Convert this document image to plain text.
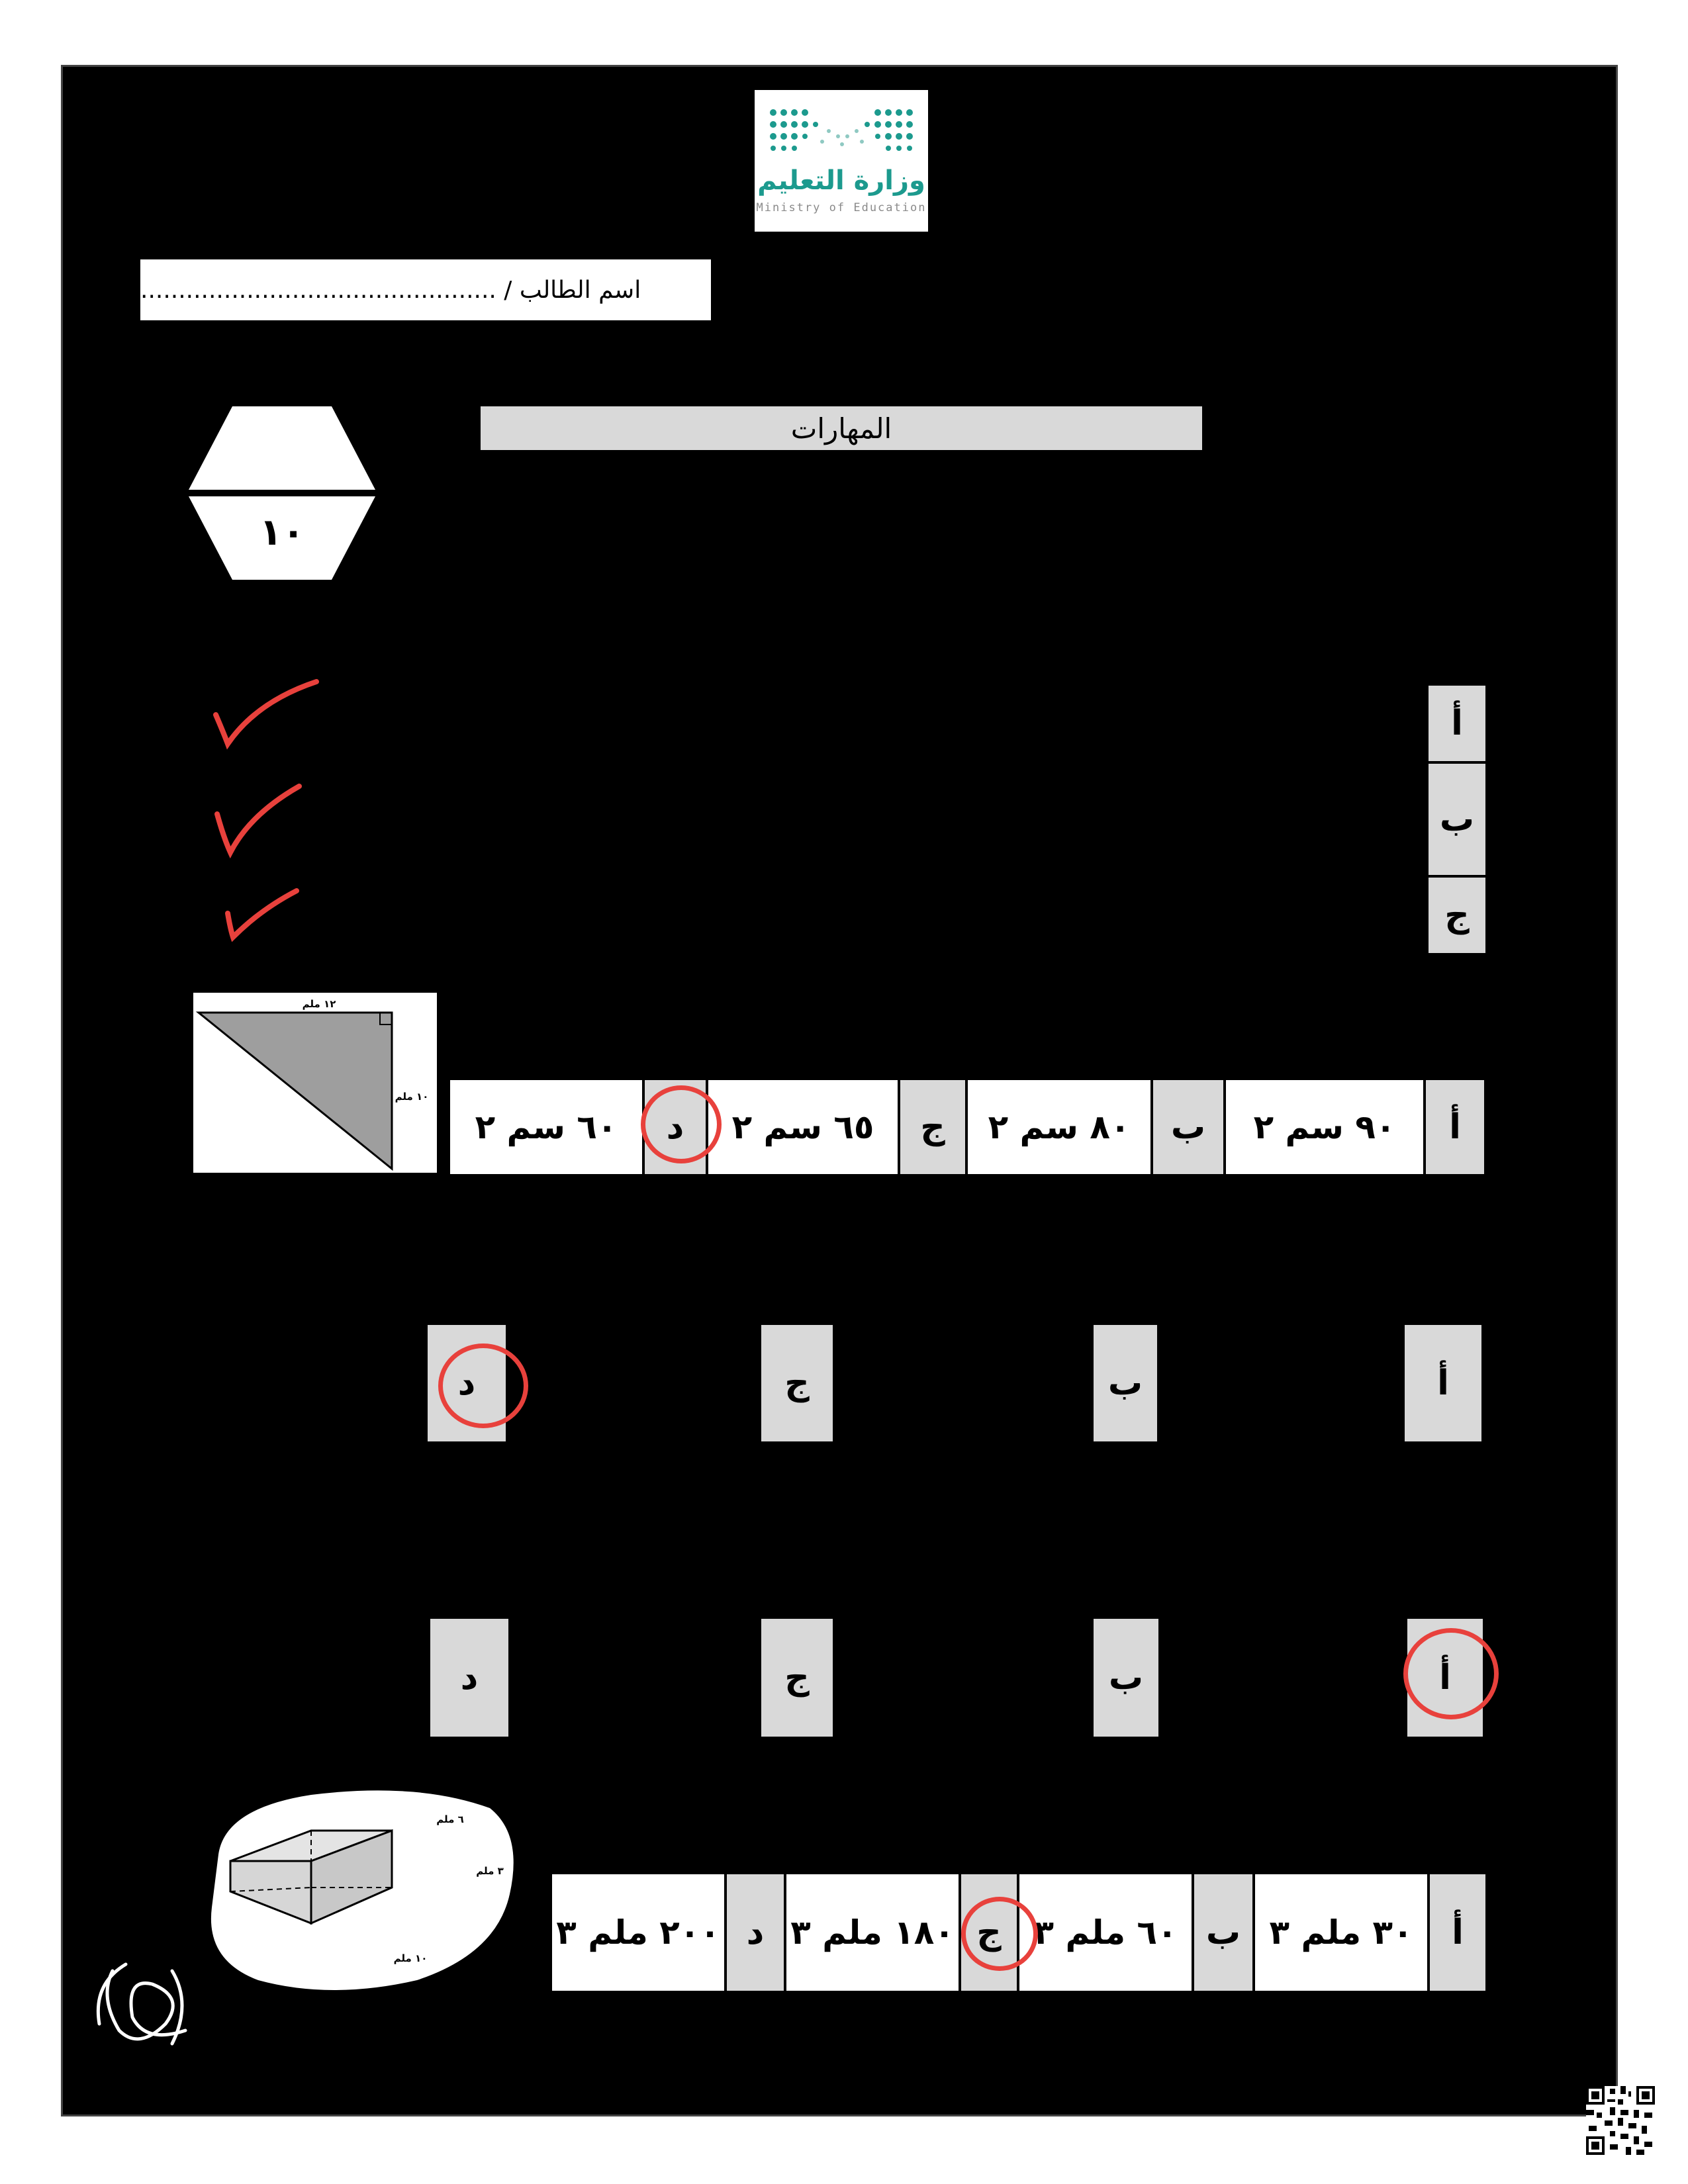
وزارة التعليم
Ministry of Education
اسم الطالب / ...............................................
المهارات
١٠
أ
ب
ج
١٢ ملم
١٠ ملم
أ
٩٠ سم ٢
ب
٨٠ سم ٢
ج
٦٥ سم ٢
د
٦٠ سم ٢
أ
ب
ج
د
أ
ب
ج
د
٦ ملم
٣ ملم
١٠ ملم
أ
٣٠ ملم ٣
ب
٦٠ ملم ٣
ج
١٨٠ ملم ٣
د
٢٠٠ ملم ٣
